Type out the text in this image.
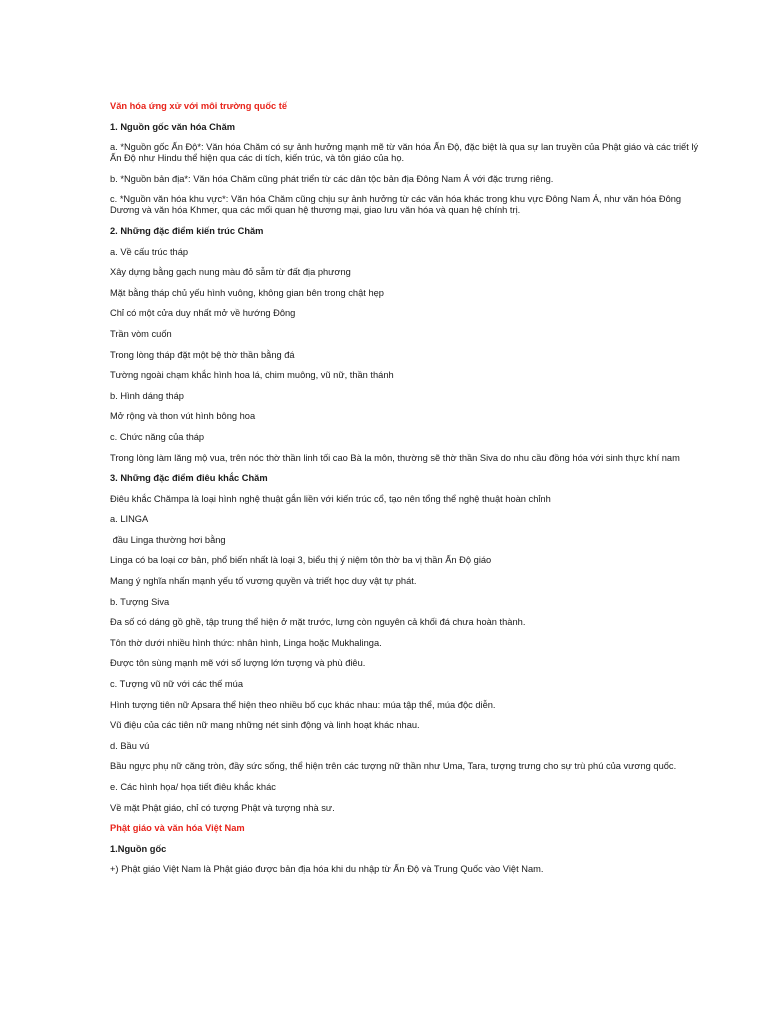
Văn hóa ứng xử với môi trường quốc tế

1. Nguồn gốc văn hóa Chăm

a. *Nguồn gốc Ấn Độ*: Văn hóa Chăm có sự ảnh hưởng mạnh mẽ từ văn hóa Ấn Độ, đặc biệt là qua sự lan truyền của Phật giáo và các triết lý Ấn Độ như Hindu thể hiện qua các di tích, kiến trúc, và tôn giáo của họ.

b. *Nguồn bản địa*: Văn hóa Chăm cũng phát triển từ các dân tộc bản địa Đông Nam Á với đặc trưng riêng.

c. *Nguồn văn hóa khu vực*: Văn hóa Chăm cũng chịu sự ảnh hưởng từ các văn hóa khác trong khu vực Đông Nam Á, như văn hóa Đông Dương và văn hóa Khmer, qua các mối quan hệ thương mại, giao lưu văn hóa và quan hệ chính trị.

2. Những đặc điểm kiến trúc Chăm

a. Về cấu trúc tháp

Xây dựng bằng gạch nung màu đỏ sẫm từ đất địa phương

Mặt bằng tháp chủ yếu hình vuông, không gian bên trong chật hẹp

Chỉ có một cửa duy nhất mở về hướng Đông

Trần vòm cuốn

Trong lòng tháp đặt một bệ thờ thần bằng đá

Tường ngoài chạm khắc hình hoa lá, chim muông, vũ nữ, thần thánh

b. Hình dáng tháp

Mở rộng và thon vút hình bông hoa

c. Chức năng của tháp

Trong lòng làm lăng mộ vua, trên nóc thờ thần linh tối cao Bà la môn, thường sẽ thờ thần Siva do nhu cầu đồng hóa với sinh thực khí nam

3. Những đặc điểm điêu khắc Chăm

Điêu khắc Chămpa là loại hình nghệ thuật gắn liền với kiến trúc cổ, tạo nên tổng thể nghệ thuật hoàn chỉnh

a. LINGA

đầu Linga thường hơi bằng

Linga có ba loại cơ bản, phổ biến nhất là loại 3, biểu thị ý niệm tôn thờ ba vị thần Ấn Độ giáo

Mang ý nghĩa nhấn mạnh yếu tố vương quyền và triết học duy vật tự phát.

b. Tượng Siva

Đa số có dáng gồ ghề, tập trung thể hiện ở mặt trước, lưng còn nguyên cả khối đá chưa hoàn thành.

Tôn thờ dưới nhiều hình thức: nhân hình, Linga hoặc Mukhalinga.

Được tôn sùng mạnh mẽ với số lượng lớn tượng và phù điêu.

c. Tượng vũ nữ với các thế múa

Hình tượng tiên nữ Apsara thể hiện theo nhiều bố cục khác nhau: múa tập thể, múa độc diễn.

Vũ điệu của các tiên nữ mang những nét sinh động và linh hoạt khác nhau.

d. Bầu vú

Bầu ngực phụ nữ căng tròn, đầy sức sống, thể hiện trên các tượng nữ thần như Uma, Tara, tượng trưng cho sự trù phú của vương quốc.

e. Các hình họa/ họa tiết điêu khắc khác

Về mặt Phật giáo, chỉ có tượng Phật và tượng nhà sư.

Phật giáo và văn hóa Việt Nam

1.Nguồn gốc

+) Phật giáo Việt Nam là Phật giáo được bản địa hóa khi du nhập từ Ấn Độ và Trung Quốc vào Việt Nam.
